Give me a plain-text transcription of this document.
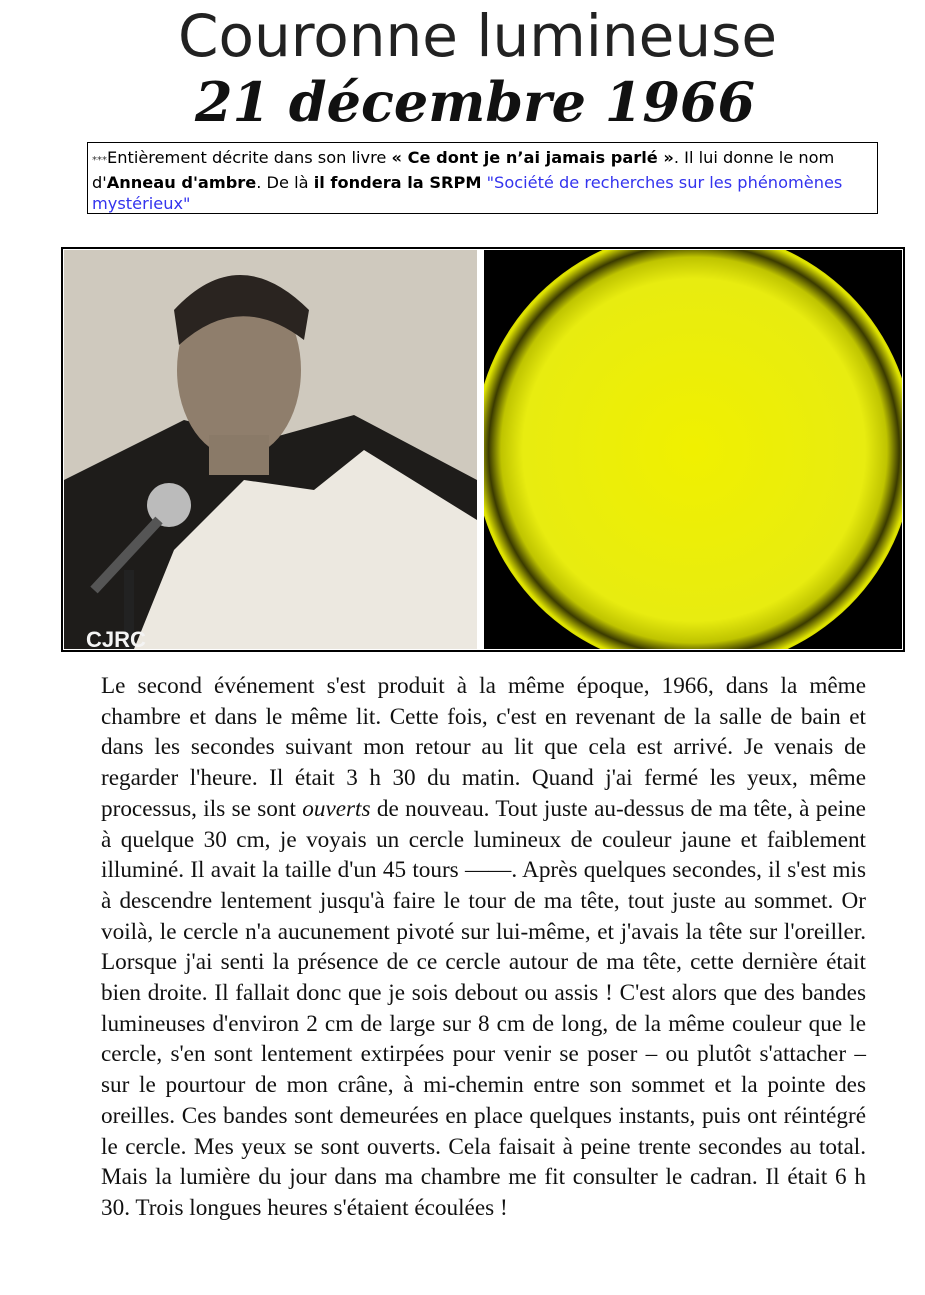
Couronne lumineuse
21 décembre 1966
***Entièrement décrite dans son livre « Ce dont je n’ai jamais parlé ». Il lui donne le nom d'Anneau d'ambre. De là il fondera la SRPM "Société de recherches sur les phénomènes mystérieux"
CJRC
Le second événement s'est produit à la même époque, 1966, dans la même chambre et dans le même lit. Cette fois, c'est en revenant de la salle de bain et dans les secondes suivant mon retour au lit que cela est arrivé. Je venais de regarder l'heure. Il était 3 h 30 du matin. Quand j'ai fermé les yeux, même processus, ils se sont ouverts de nouveau. Tout juste au-dessus de ma tête, à peine à quelque 30 cm, je voyais un cercle lumineux de couleur jaune et faiblement illuminé. Il avait la taille d'un 45 tours ——. Après quelques secondes, il s'est mis à descendre lentement jusqu'à faire le tour de ma tête, tout juste au sommet. Or voilà, le cercle n'a aucunement pivoté sur lui-même, et j'avais la tête sur l'oreiller. Lorsque j'ai senti la présence de ce cercle autour de ma tête, cette dernière était bien droite. Il fallait donc que je sois debout ou assis ! C'est alors que des bandes lumineuses d'environ 2 cm de large sur 8 cm de long, de la même couleur que le cercle, s'en sont lentement extirpées pour venir se poser – ou plutôt s'attacher – sur le pourtour de mon crâne, à mi-chemin entre son sommet et la pointe des oreilles. Ces bandes sont demeurées en place quelques instants, puis ont réintégré le cercle. Mes yeux se sont ouverts. Cela faisait à peine trente secondes au total. Mais la lumière du jour dans ma chambre me fit consulter le cadran. Il était 6 h 30. Trois longues heures s'étaient écoulées !
